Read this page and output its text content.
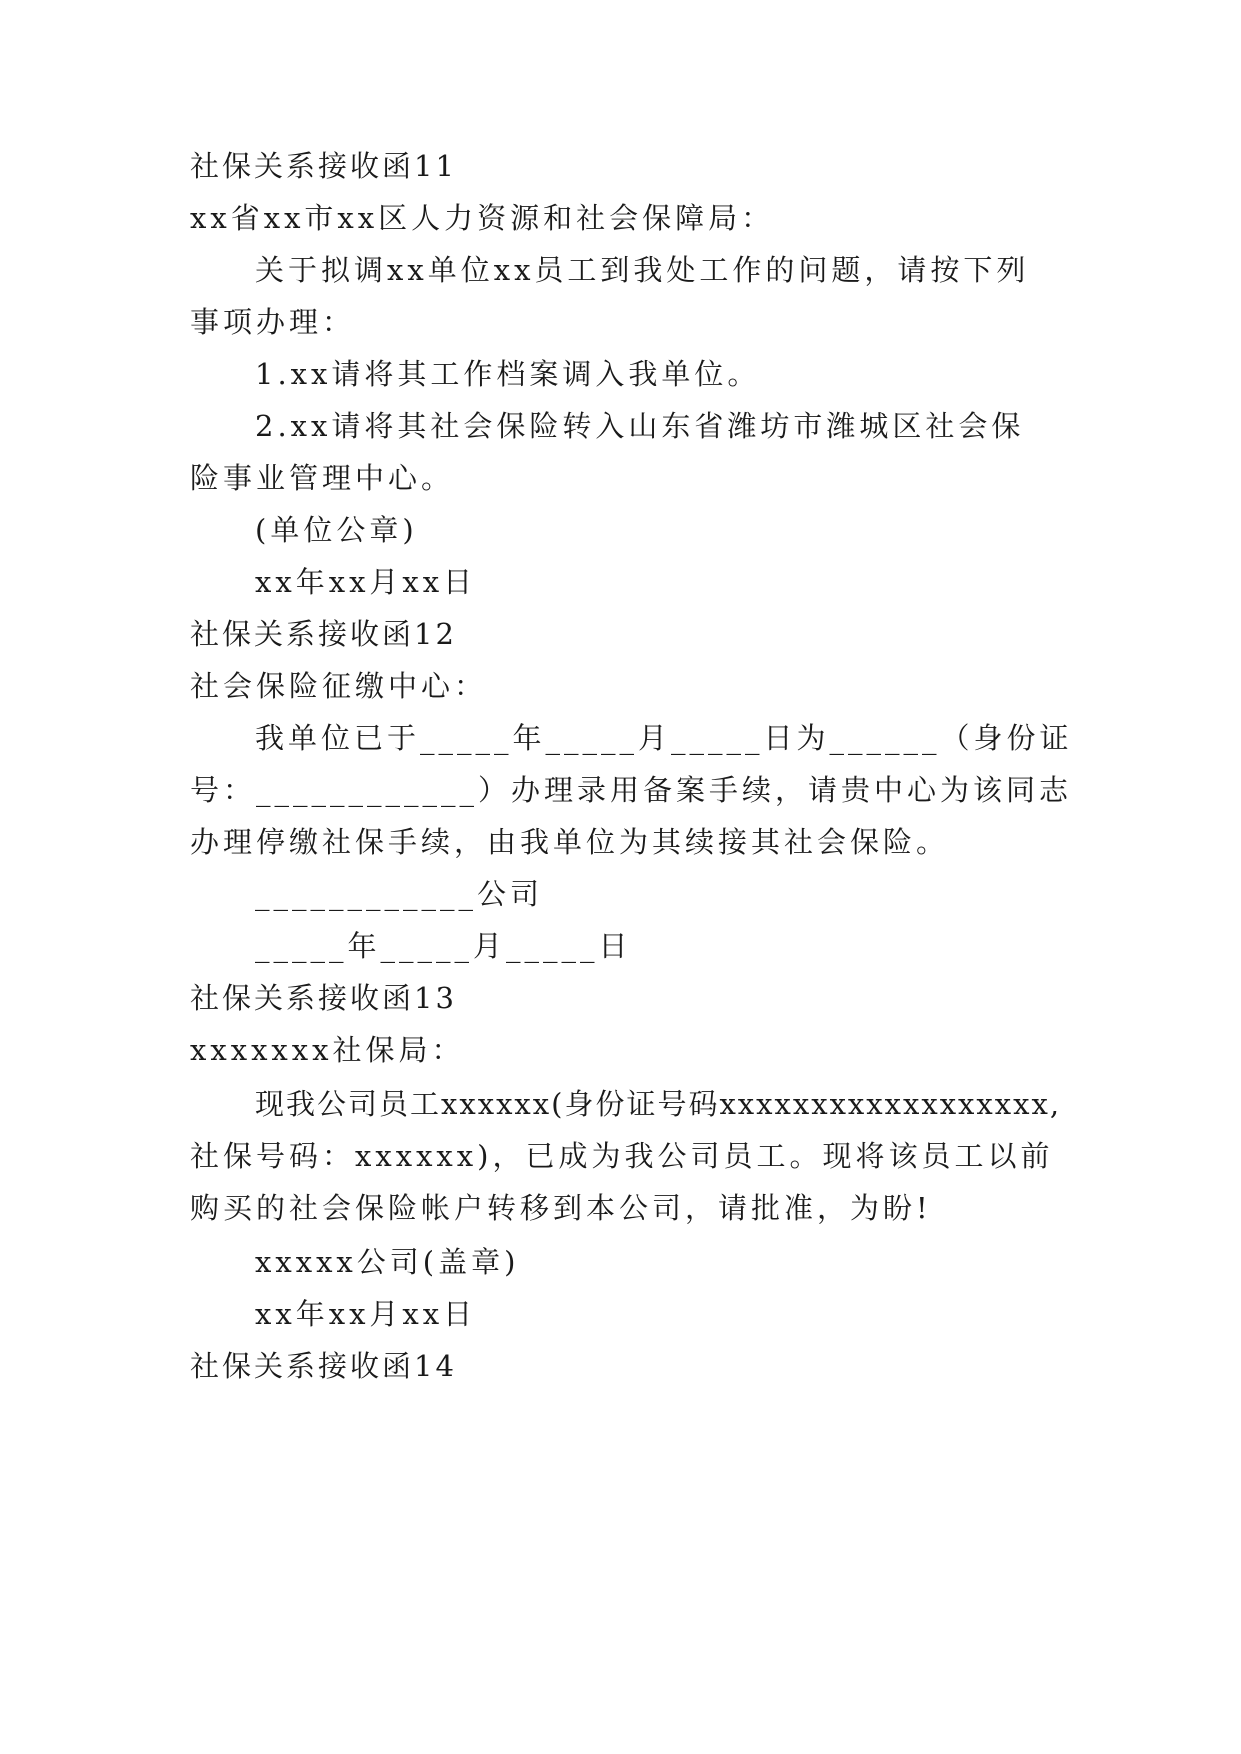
社保关系接收函11
xx省xx市xx区人力资源和社会保障局：
关于拟调xx单位xx员工到我处工作的问题，请按下列
事项办理：
1.xx请将其工作档案调入我单位。
2.xx请将其社会保险转入山东省潍坊市潍城区社会保
险事业管理中心。
(单位公章)
xx年xx月xx日
社保关系接收函12
社会保险征缴中心：
我单位已于_____年_____月_____日为______（身份证
号：____________）办理录用备案手续，请贵中心为该同志
办理停缴社保手续，由我单位为其续接其社会保险。
____________公司
_____年_____月_____日
社保关系接收函13
xxxxxxx社保局：
现我公司员工xxxxxx(身份证号码xxxxxxxxxxxxxxxxxx,
社保号码：xxxxxx)，已成为我公司员工。现将该员工以前
购买的社会保险帐户转移到本公司，请批准，为盼!
xxxxx公司(盖章)
xx年xx月xx日
社保关系接收函14
